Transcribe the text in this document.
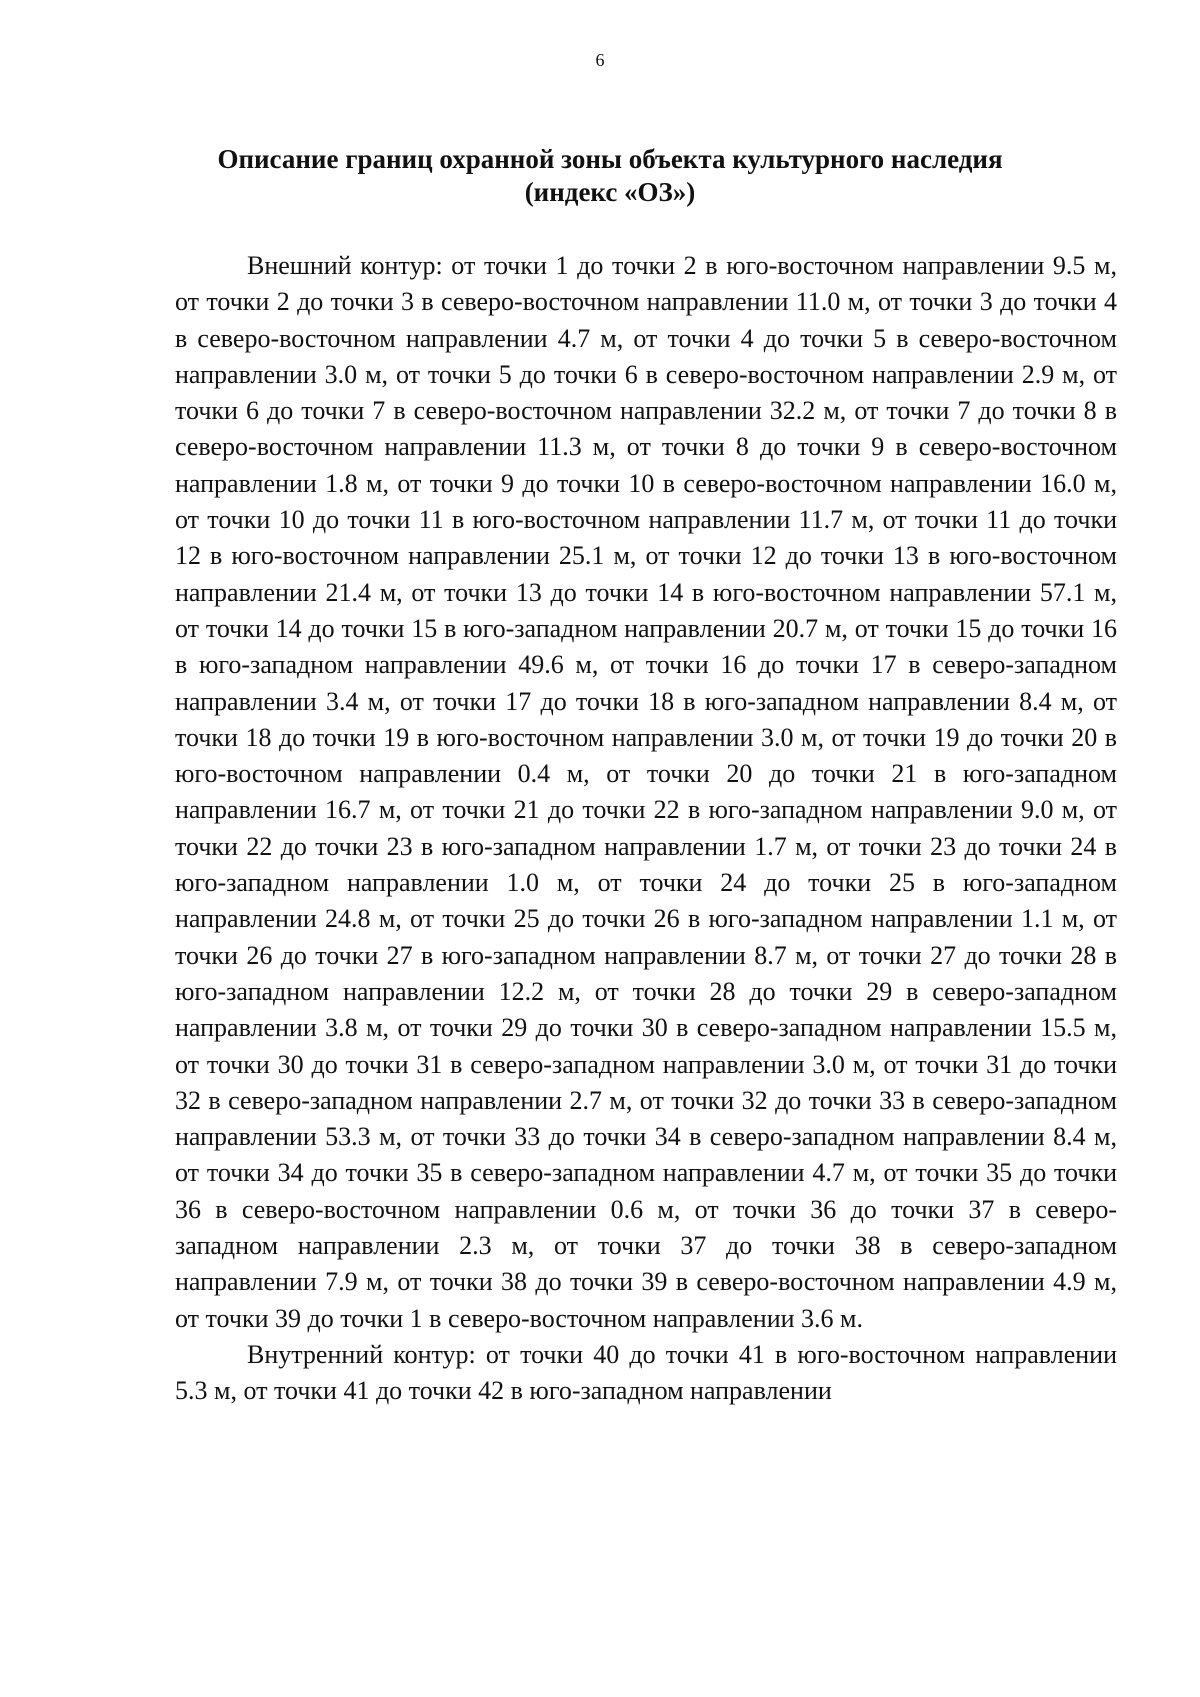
6
Описание границ охранной зоны объекта культурного наследия
(индекс «ОЗ»)

Внешний контур: от точки 1 до точки 2 в юго-восточном направлении 9.5 м, от точки 2 до точки 3 в северо-восточном направлении 11.0 м, от точки 3 до точки 4 в северо-восточном направлении 4.7 м, от точки 4 до точки 5 в северо-восточном направлении 3.0 м, от точки 5 до точки 6 в северо-восточном направлении 2.9 м, от точки 6 до точки 7 в северо-восточном направлении 32.2 м, от точки 7 до точки 8 в северо-восточном направлении 11.3 м, от точки 8 до точки 9 в северо-восточном направлении 1.8 м, от точки 9 до точки 10 в северо-восточном направлении 16.0 м, от точки 10 до точки 11 в юго-восточном направлении 11.7 м, от точки 11 до точки 12 в юго-восточном направлении 25.1 м, от точки 12 до точки 13 в юго-восточном направлении 21.4 м, от точки 13 до точки 14 в юго-восточном направлении 57.1 м, от точки 14 до точки 15 в юго-западном направлении 20.7 м, от точки 15 до точки 16 в юго-западном направлении 49.6 м, от точки 16 до точки 17 в северо-западном направлении 3.4 м, от точки 17 до точки 18 в юго-западном направлении 8.4 м, от точки 18 до точки 19 в юго-восточном направлении 3.0 м, от точки 19 до точки 20 в юго-восточном направлении 0.4 м, от точки 20 до точки 21 в юго-западном направлении 16.7 м, от точки 21 до точки 22 в юго-западном направлении 9.0 м, от точки 22 до точки 23 в юго-западном направлении 1.7 м, от точки 23 до точки 24 в юго-западном направлении 1.0 м, от точки 24 до точки 25 в юго-западном направлении 24.8 м, от точки 25 до точки 26 в юго-западном направлении 1.1 м, от точки 26 до точки 27 в юго-западном направлении 8.7 м, от точки 27 до точки 28 в юго-западном направлении 12.2 м, от точки 28 до точки 29 в северо-западном направлении 3.8 м, от точки 29 до точки 30 в северо-западном направлении 15.5 м, от точки 30 до точки 31 в северо-западном направлении 3.0 м, от точки 31 до точки 32 в северо-западном направлении 2.7 м, от точки 32 до точки 33 в северо-западном направлении 53.3 м, от точки 33 до точки 34 в северо-западном направлении 8.4 м, от точки 34 до точки 35 в северо-западном направлении 4.7 м, от точки 35 до точки 36 в северо-восточном направлении 0.6 м, от точки 36 до точки 37 в северо-западном направлении 2.3 м, от точки 37 до точки 38 в северо-западном направлении 7.9 м, от точки 38 до точки 39 в северо-восточном направлении 4.9 м, от точки 39 до точки 1 в северо-восточном направлении 3.6 м.

Внутренний контур: от точки 40 до точки 41 в юго-восточном направлении 5.3 м, от точки 41 до точки 42 в юго-западном направлении
